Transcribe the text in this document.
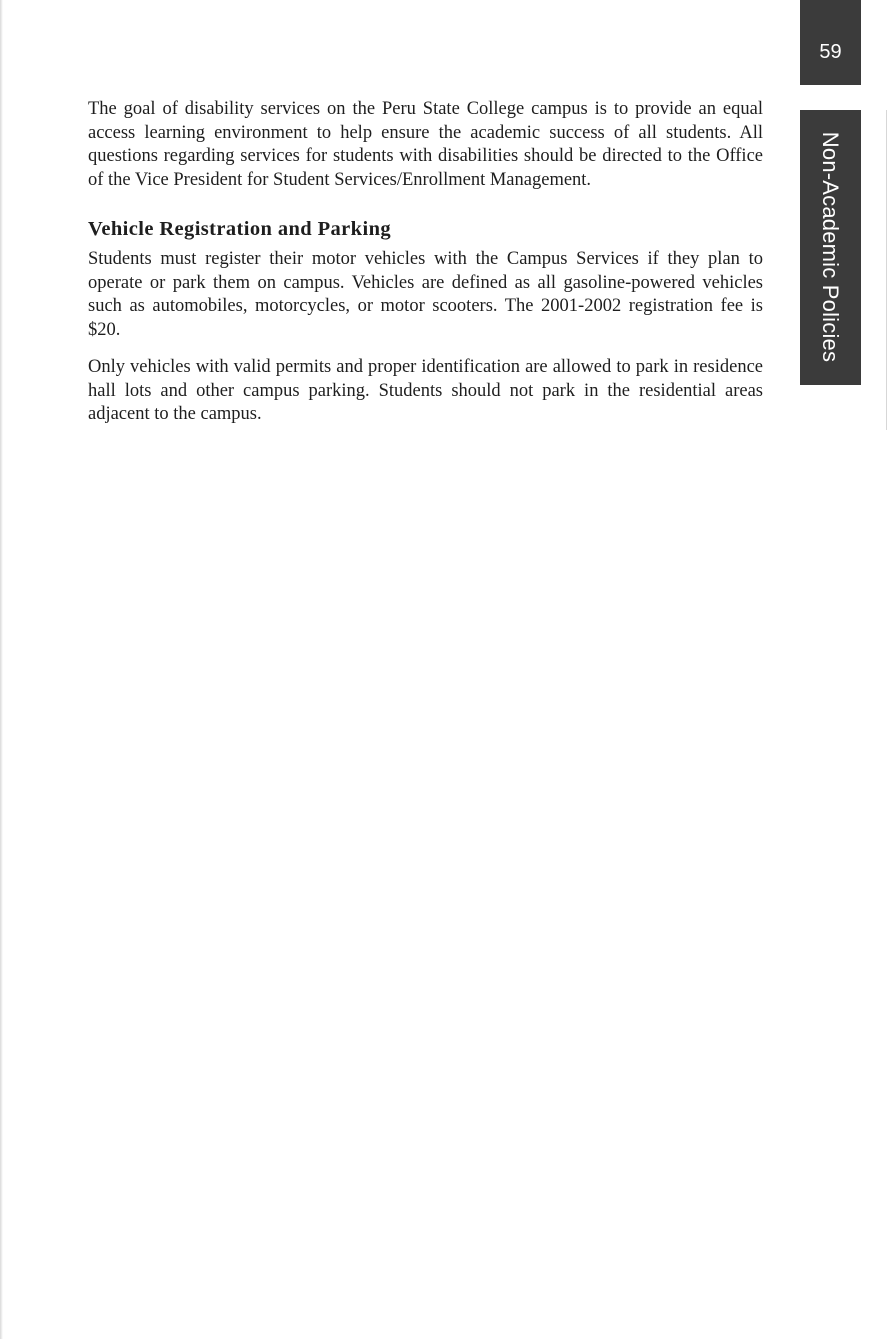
59
Non-Academic Policies

The goal of disability services on the Peru State College campus is to provide an equal access learning environment to help ensure the academic success of all students. All questions regarding services for students with disabilities should be directed to the Office of the Vice President for Student Services/Enrollment Management.

Vehicle Registration and Parking

Students must register their motor vehicles with the Campus Services if they plan to operate or park them on campus. Vehicles are defined as all gasoline-powered vehicles such as automobiles, motorcycles, or motor scooters. The 2001-2002 registration fee is $20.

Only vehicles with valid permits and proper identification are allowed to park in residence hall lots and other campus parking. Students should not park in the residential areas adjacent to the campus.
